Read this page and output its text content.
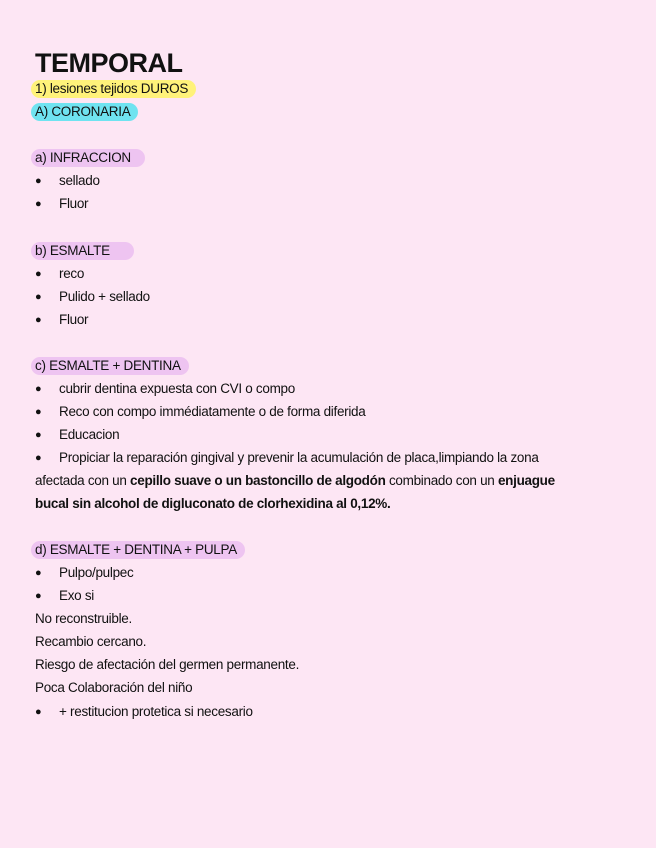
TEMPORAL
1) lesiones tejidos DUROS
A) CORONARIA
a) INFRACCION
●	sellado
●	Fluor
b) ESMALTE
●	reco
●	Pulido + sellado
●	Fluor
c) ESMALTE + DENTINA
●	cubrir dentina expuesta con CVI o compo
●	Reco con compo immédiatamente o de forma diferida
●	Educacion
●	Propiciar la reparación gingival y prevenir la acumulación de placa,limpiando la zona
afectada con un cepillo suave o un bastoncillo de algodón combinado con un enjuague
bucal sin alcohol de digluconato de clorhexidina al 0,12%.
d) ESMALTE + DENTINA + PULPA
●	Pulpo/pulpec
●	Exo si
No reconstruible.
Recambio cercano.
Riesgo de afectación del germen permanente.
Poca Colaboración del niño
●	+ restitucion protetica si necesario
